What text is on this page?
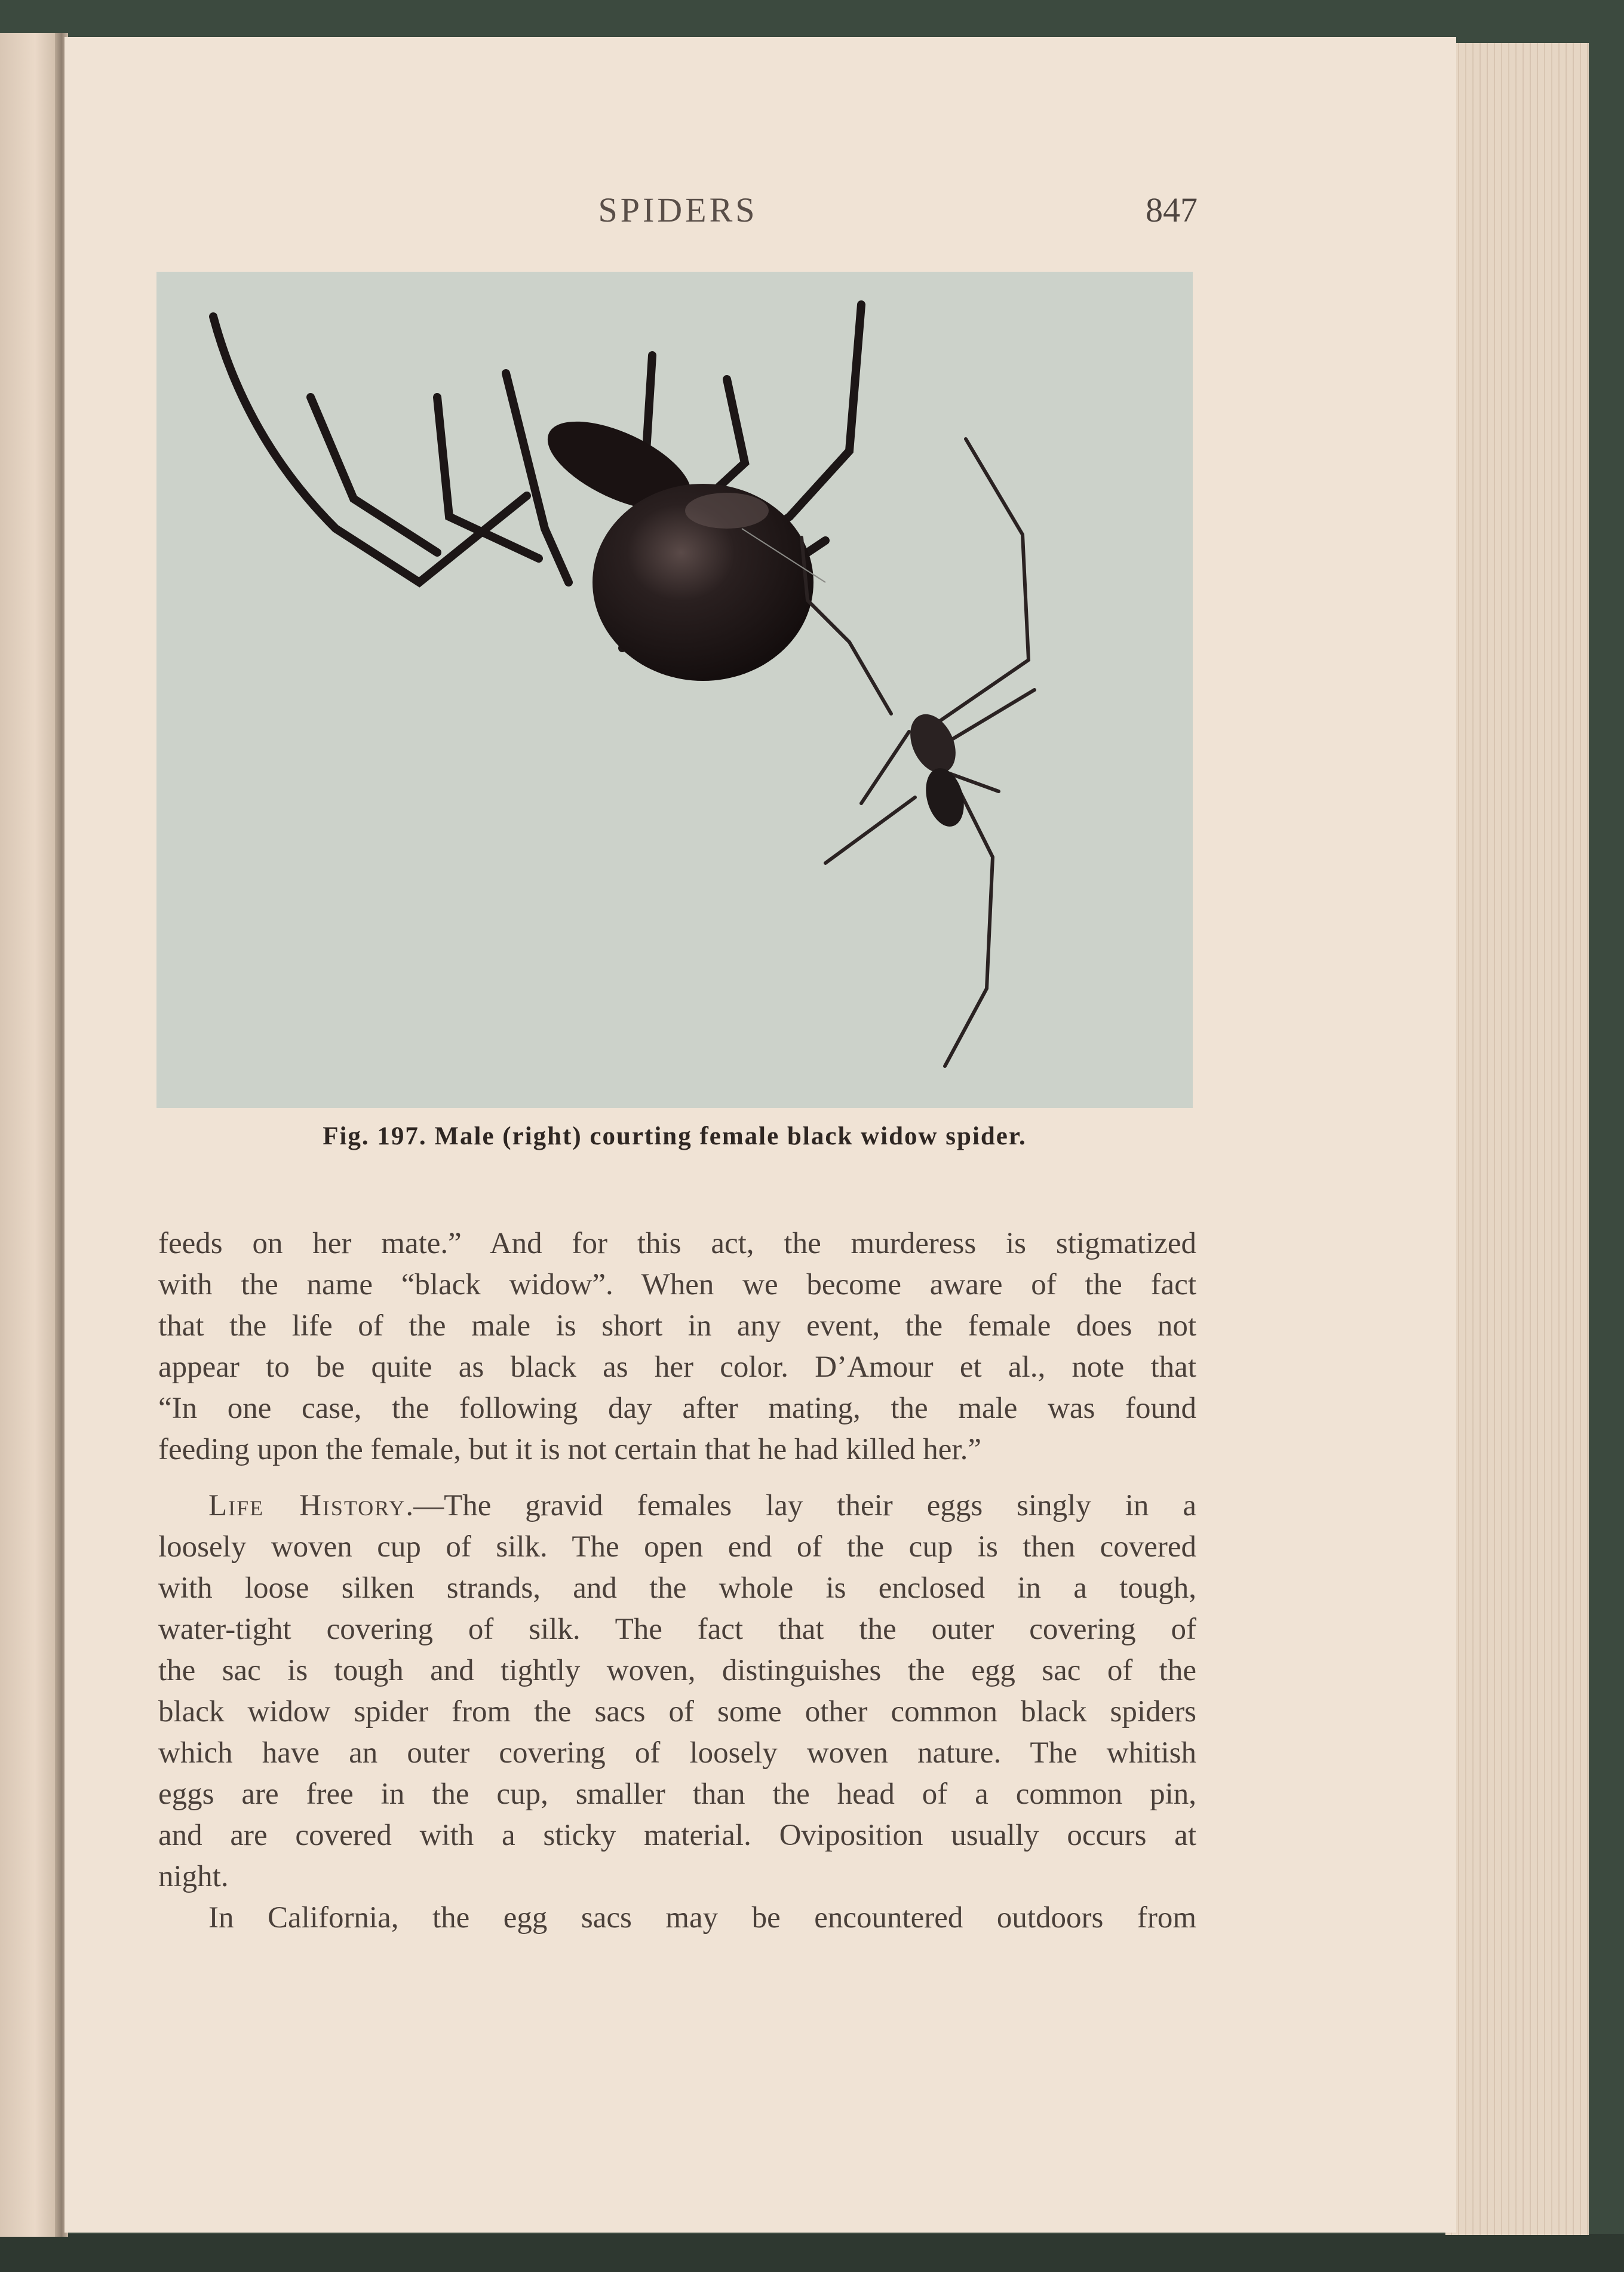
SPIDERS	847
Fig. 197. Male (right) courting female black widow spider.
feeds on her mate.” And for this act, the murderess is stigmatized
with the name “black widow”. When we become aware of the fact
that the life of the male is short in any event, the female does not
appear to be quite as black as her color. D’Amour et al., note that
“In one case, the following day after mating, the male was found
feeding upon the female, but it is not certain that he had killed her.”
Life History.—The gravid females lay their eggs singly in a
loosely woven cup of silk. The open end of the cup is then covered
with loose silken strands, and the whole is enclosed in a tough,
water-tight covering of silk. The fact that the outer covering of
the sac is tough and tightly woven, distinguishes the egg sac of the
black widow spider from the sacs of some other common black spiders
which have an outer covering of loosely woven nature. The whitish
eggs are free in the cup, smaller than the head of a common pin,
and are covered with a sticky material. Oviposition usually occurs at
night.
In California, the egg sacs may be encountered outdoors from
